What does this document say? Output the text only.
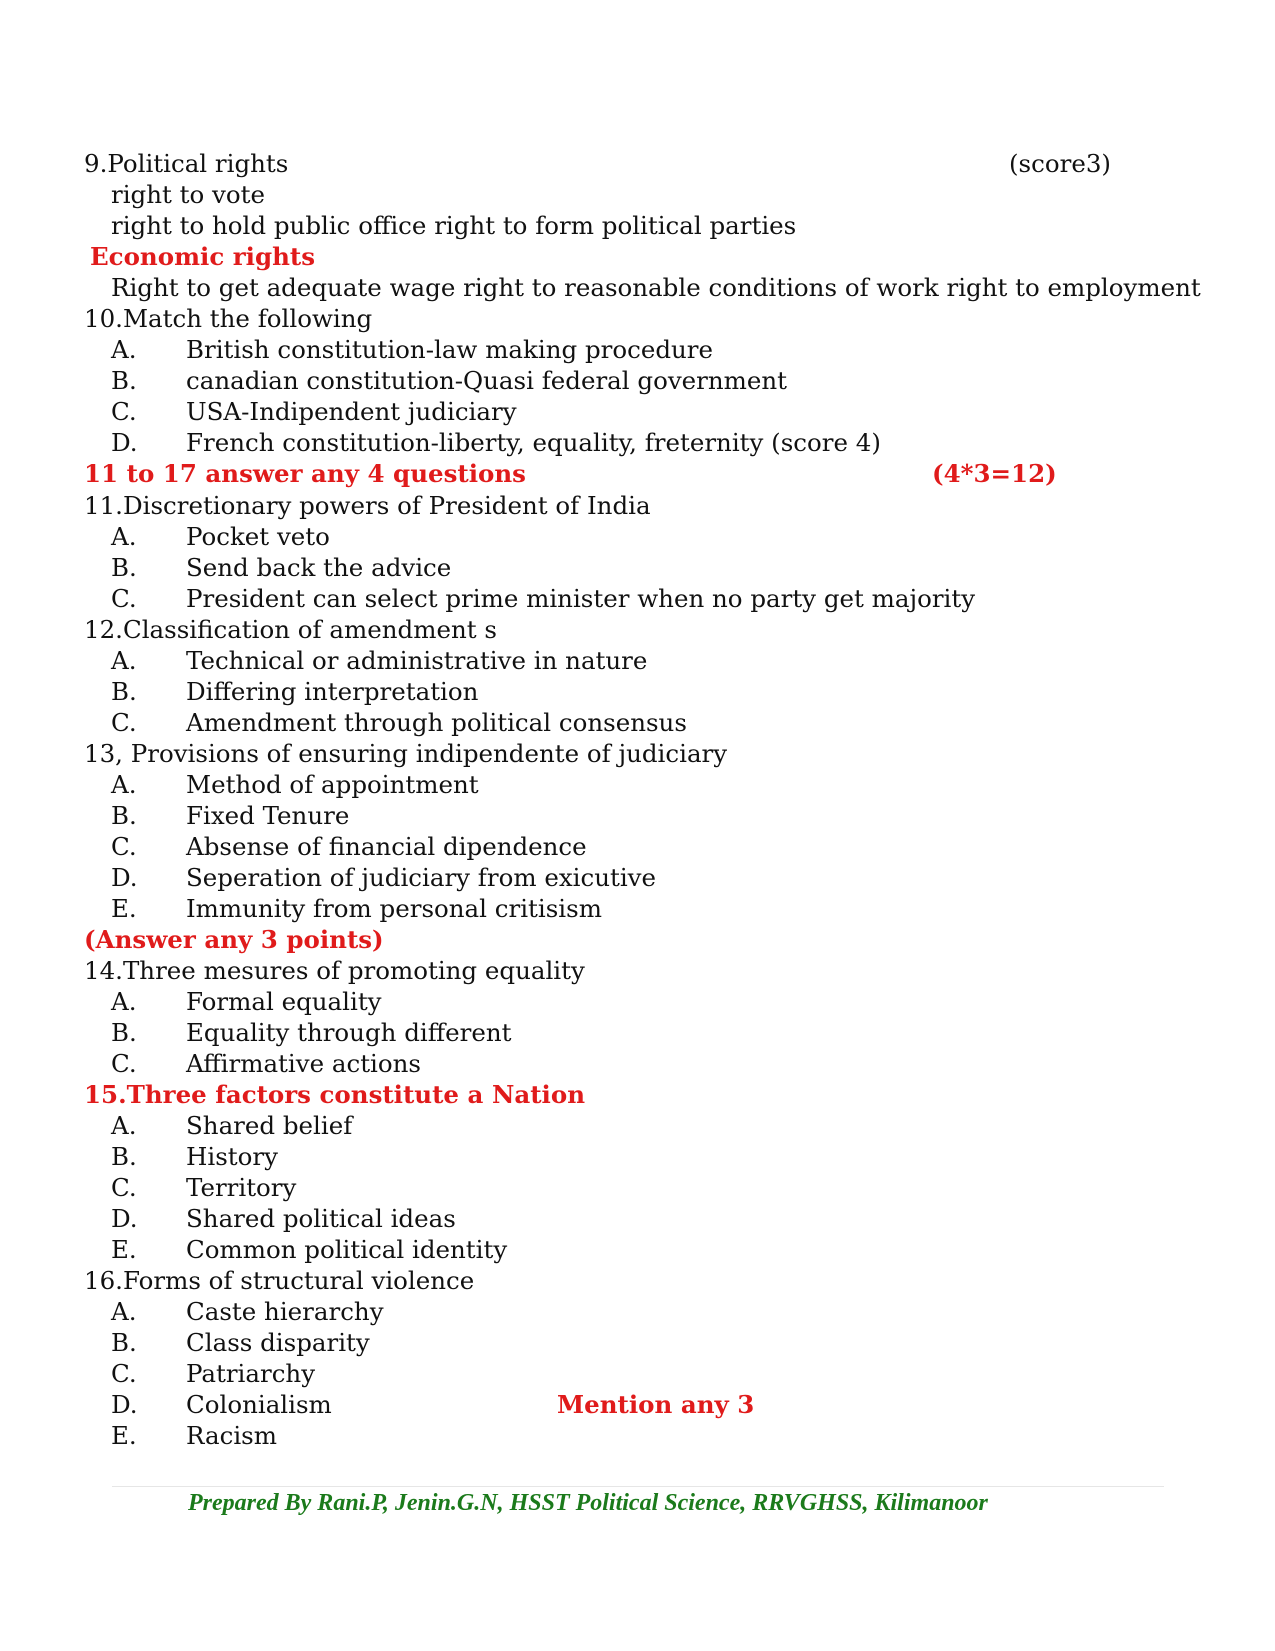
9.Political rights	(score3)
right to vote
right to hold public office right to form political parties
Economic rights
Right to get adequate wage right to reasonable conditions of work right to employment
10.Match the following
A. British constitution-law making procedure
B. canadian constitution-Quasi federal government
C. USA-Indipendent judiciary
D. French constitution-liberty, equality, freternity (score 4)
11 to 17 answer any 4 questions	(4*3=12)
11.Discretionary powers of President of India
A. Pocket veto
B. Send back the advice
C. President can select prime minister when no party get majority
12.Classification of amendment s
A. Technical or administrative in nature
B. Differing interpretation
C. Amendment through political consensus
13, Provisions of ensuring indipendente of judiciary
A. Method of appointment
B. Fixed Tenure
C. Absense of financial dipendence
D. Seperation of judiciary from exicutive
E. Immunity from personal critisism
(Answer any 3 points)
14.Three mesures of promoting equality
A. Formal equality
B. Equality through different
C. Affirmative actions
15.Three factors constitute a Nation
A. Shared belief
B. History
C. Territory
D. Shared political ideas
E. Common political identity
16.Forms of structural violence
A. Caste hierarchy
B. Class disparity
C. Patriarchy
D. Colonialism	Mention any 3
E. Racism
Prepared By Rani.P, Jenin.G.N, HSST Political Science, RRVGHSS, Kilimanoor
